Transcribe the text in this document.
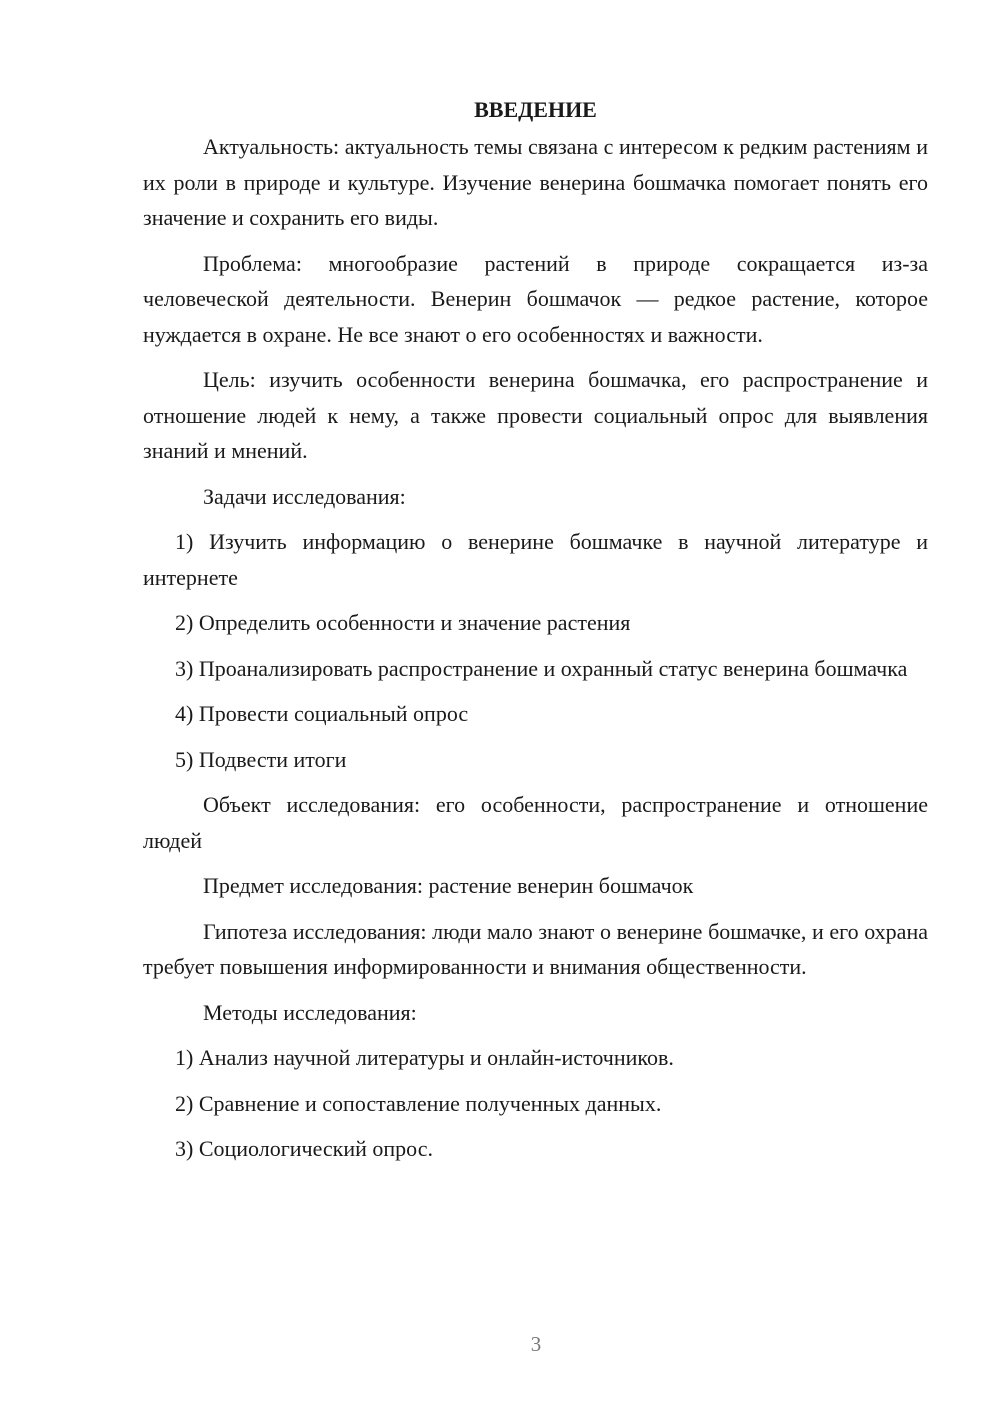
ВВЕДЕНИЕ

Актуальность: актуальность темы связана с интересом к редким растениям и их роли в природе и культуре. Изучение венерина бошмачка помогает понять его значение и сохранить его виды.

Проблема: многообразие растений в природе сокращается из-за человеческой деятельности. Венерин бошмачок — редкое растение, которое нуждается в охране. Не все знают о его особенностях и важности.

Цель: изучить особенности венерина бошмачка, его распространение и отношение людей к нему, а также провести социальный опрос для выявления знаний и мнений.

Задачи исследования:

1) Изучить информацию о венерине бошмачке в научной литературе и интернете

2) Определить особенности и значение растения

3) Проанализировать распространение и охранный статус венерина бошмачка

4) Провести социальный опрос

5) Подвести итоги

Объект исследования: его особенности, распространение и отношение людей

Предмет исследования: растение венерин бошмачок

Гипотеза исследования: люди мало знают о венерине бошмачке, и его охрана требует повышения информированности и внимания общественности.

Методы исследования:

1) Анализ научной литературы и онлайн-источников.

2) Сравнение и сопоставление полученных данных.

3) Социологический опрос.

3
